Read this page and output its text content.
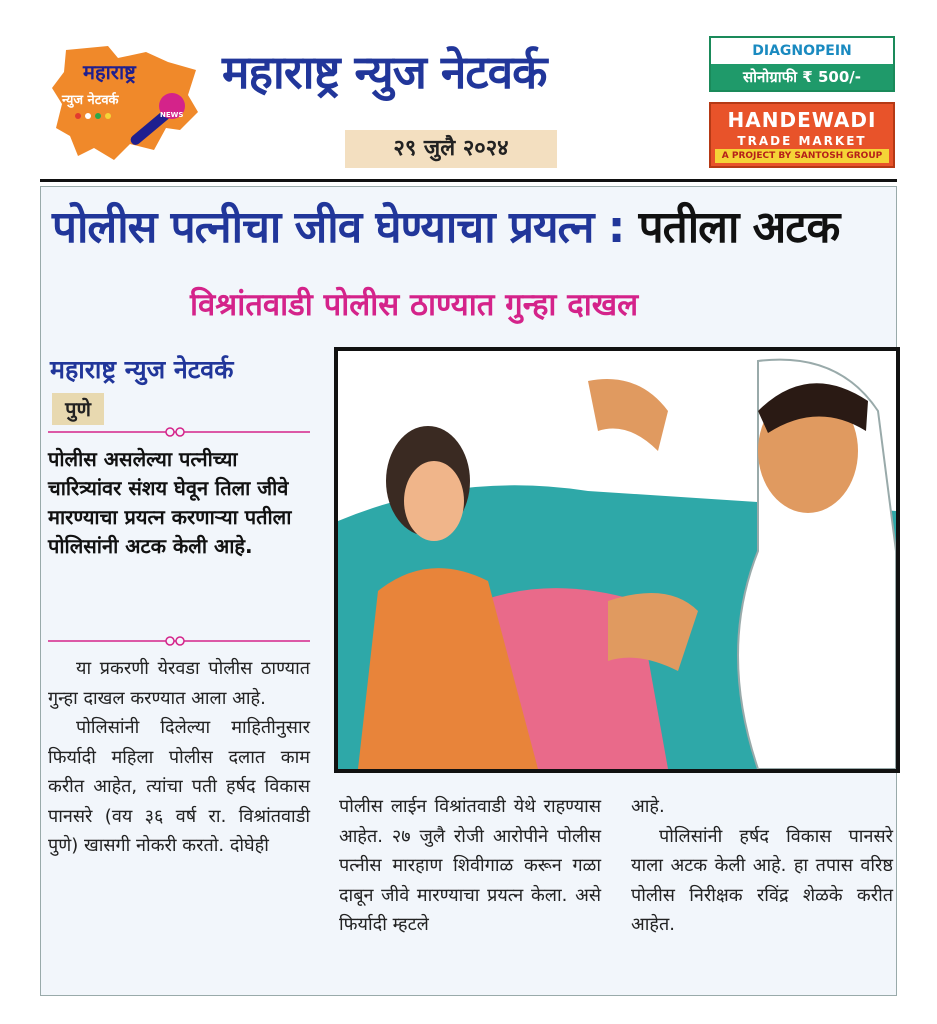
महाराष्ट्र
न्युज नेटवर्क
NEWS
महाराष्ट्र न्युज नेटवर्क
२९ जुलै २०२४
DIAGNOPEIN
सोनोग्राफी ₹ 500/-
HANDEWADI
TRADE MARKET
A PROJECT BY SANTOSH GROUP
पोलीस पत्नीचा जीव घेण्याचा प्रयत्न : पतीला अटक
विश्रांतवाडी पोलीस ठाण्यात गुन्हा दाखल
महाराष्ट्र न्युज नेटवर्क
पुणे
पोलीस असलेल्या पत्नीच्या चारित्र्यांवर संशय घेवून तिला जीवे मारण्याचा प्रयत्न करणाऱ्या पतीला पोलिसांनी अटक केली आहे.
या प्रकरणी येरवडा पोलीस ठाण्यात गुन्हा दाखल करण्यात आला आहे.
पोलिसांनी दिलेल्या माहितीनुसार फिर्यादी महिला पोलीस दलात काम करीत आहेत, त्यांचा पती हर्षद विकास पानसरे (वय ३६ वर्ष रा. विश्रांतवाडी पुणे) खासगी नोकरी करतो. दोघेही
पोलीस लाईन विश्रांतवाडी येथे राहण्यास आहेत. २७ जुलै रोजी आरोपीने पोलीस पत्नीस मारहाण शिवीगाळ करून गळा दाबून जीवे मारण्याचा प्रयत्न केला. असे फिर्यादी म्हटले
आहे.
पोलिसांनी हर्षद विकास पानसरे याला अटक केली आहे. हा तपास वरिष्ठ पोलीस निरीक्षक रविंद्र शेळके करीत आहेत.
